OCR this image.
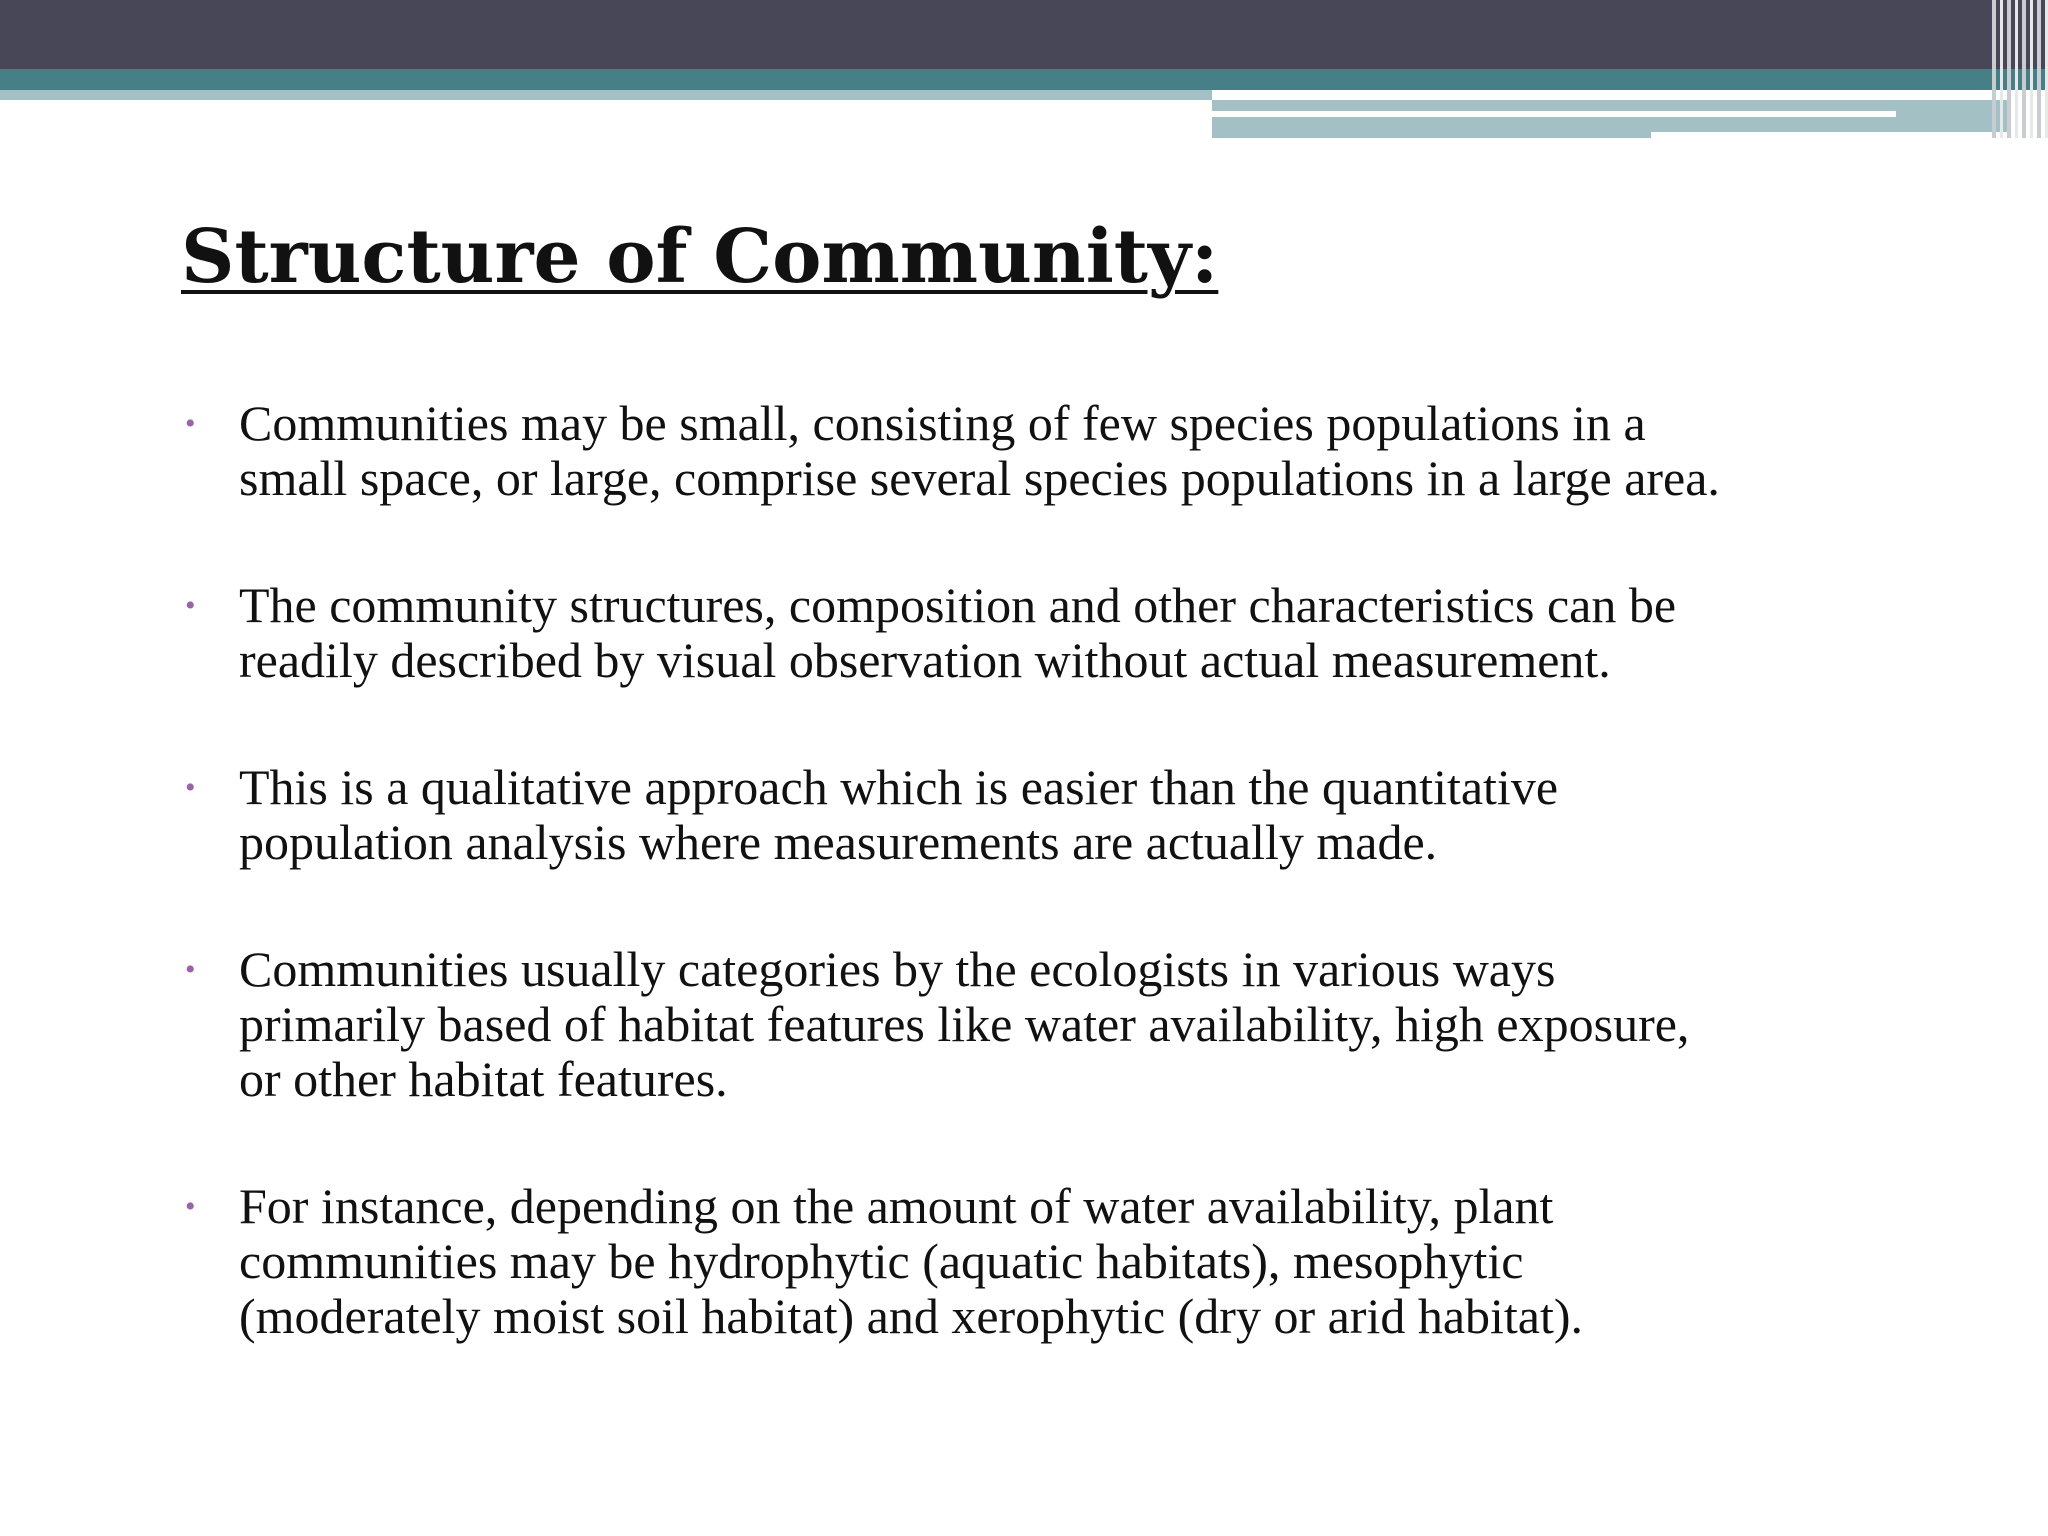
Structure of Community:
• Communities may be small, consisting of few species populations in a
small space, or large, comprise several species populations in a large area.
• The community structures, composition and other characteristics can be
readily described by visual observation without actual measurement.
• This is a qualitative approach which is easier than the quantitative
population analysis where measurements are actually made.
• Communities usually categories by the ecologists in various ways
primarily based of habitat features like water availability, high exposure,
or other habitat features.
• For instance, depending on the amount of water availability, plant
communities may be hydrophytic (aquatic habitats), mesophytic
(moderately moist soil habitat) and xerophytic (dry or arid habitat).
